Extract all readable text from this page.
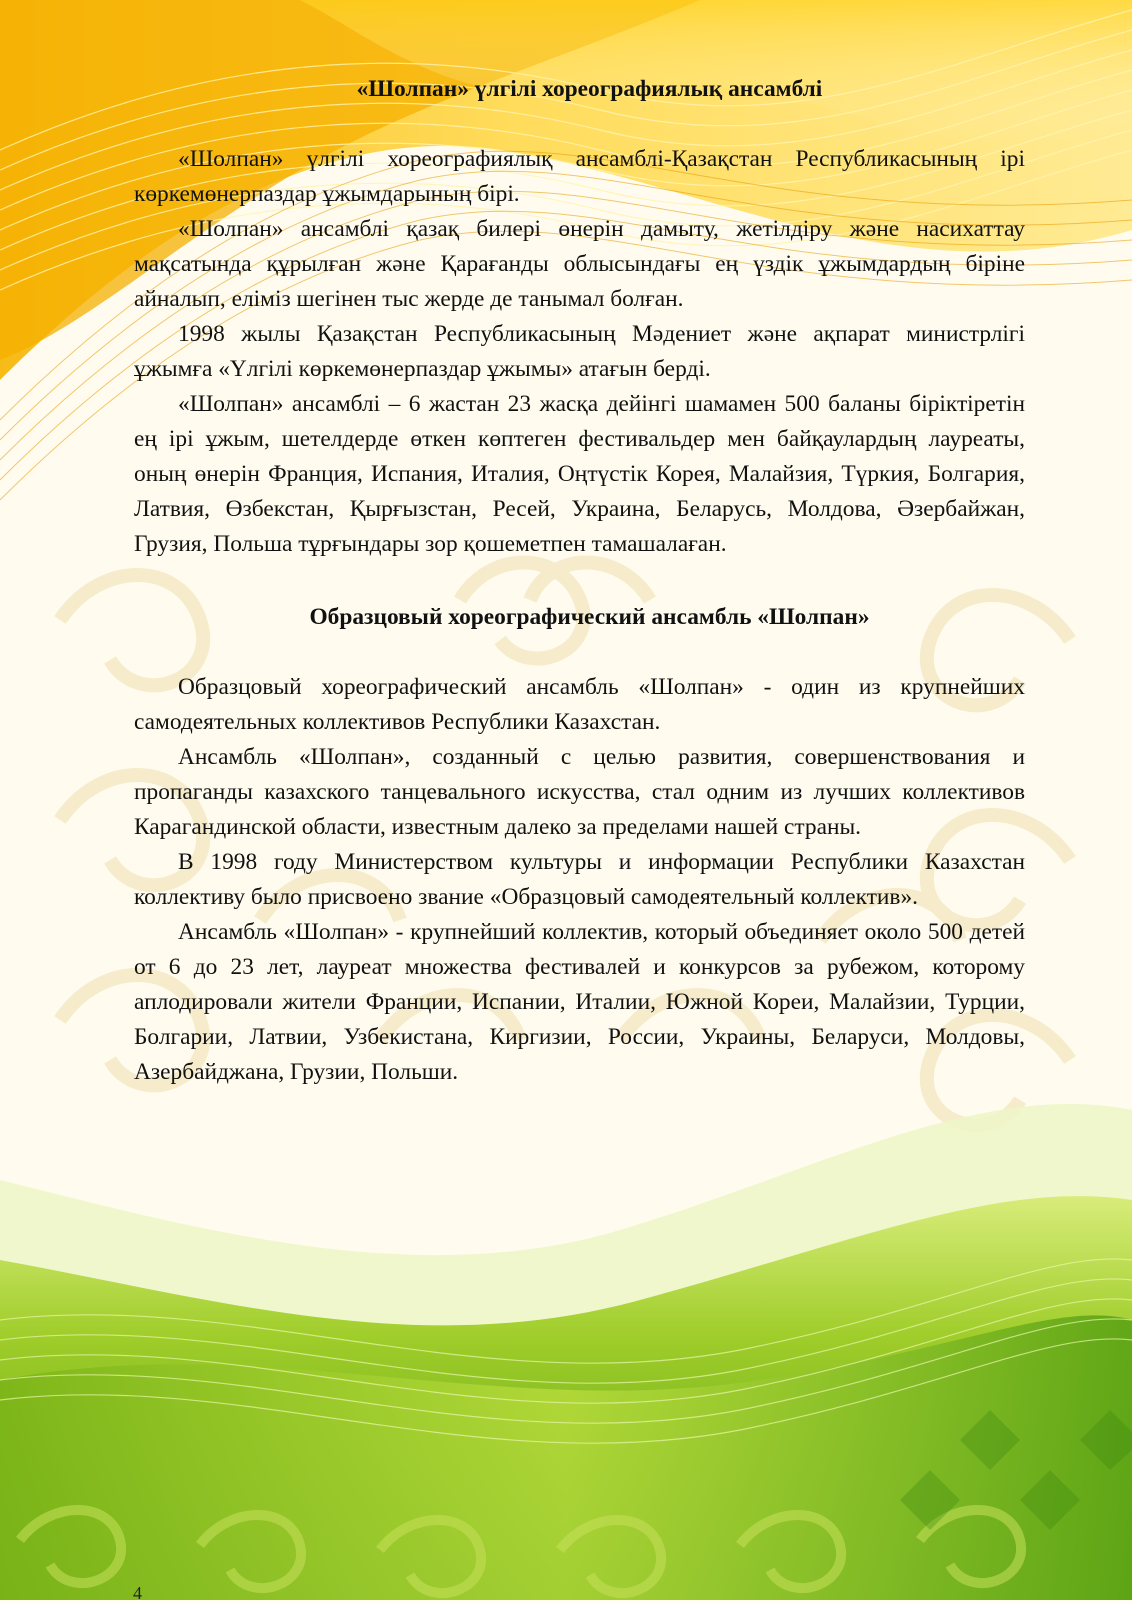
«Шолпан» үлгілі хореографиялық ансамблі

«Шолпан» үлгілі хореографиялық ансамблі-Қазақстан Республикасының ірі көркемөнерпаздар ұжымдарының бірі.

«Шолпан» ансамблі қазақ билері өнерін дамыту, жетілдіру және насихаттау мақсатында құрылған және Қарағанды облысындағы ең үздік ұжымдардың біріне айналып, еліміз шегінен тыс жерде де танымал болған.

1998 жылы Қазақстан Республикасының Мәдениет және ақпарат министрлігі ұжымға «Үлгілі көркемөнерпаздар ұжымы» атағын берді.

«Шолпан» ансамблі – 6 жастан 23 жасқа дейінгі шамамен 500 баланы біріктіретін ең ірі ұжым, шетелдерде өткен көптеген фестивальдер мен байқаулардың лауреаты, оның өнерін Франция, Испания, Италия, Оңтүстік Корея, Малайзия, Түркия, Болгария, Латвия, Өзбекстан, Қырғызстан, Ресей, Украина, Беларусь, Молдова, Әзербайжан, Грузия, Польша тұрғындары зор қошеметпен тамашалаған.

Образцовый хореографический ансамбль «Шолпан»

Образцовый хореографический ансамбль «Шолпан» - один из крупнейших самодеятельных коллективов Республики Казахстан.

Ансамбль «Шолпан», созданный с целью развития, совершенствования и пропаганды казахского танцевального искусства, стал одним из лучших коллективов Карагандинской области, известным далеко за пределами нашей страны.

В 1998 году Министерством культуры и информации Республики Казахстан коллективу было присвоено звание «Образцовый самодеятельный коллектив».

Ансамбль «Шолпан» - крупнейший коллектив, который объединяет около 500 детей от 6 до 23 лет, лауреат множества фестивалей и конкурсов за рубежом, которому аплодировали жители Франции, Испании, Италии, Южной Кореи, Малайзии, Турции, Болгарии, Латвии, Узбекистана, Киргизии, России, Украины, Беларуси, Молдовы, Азербайджана, Грузии, Польши.

4
